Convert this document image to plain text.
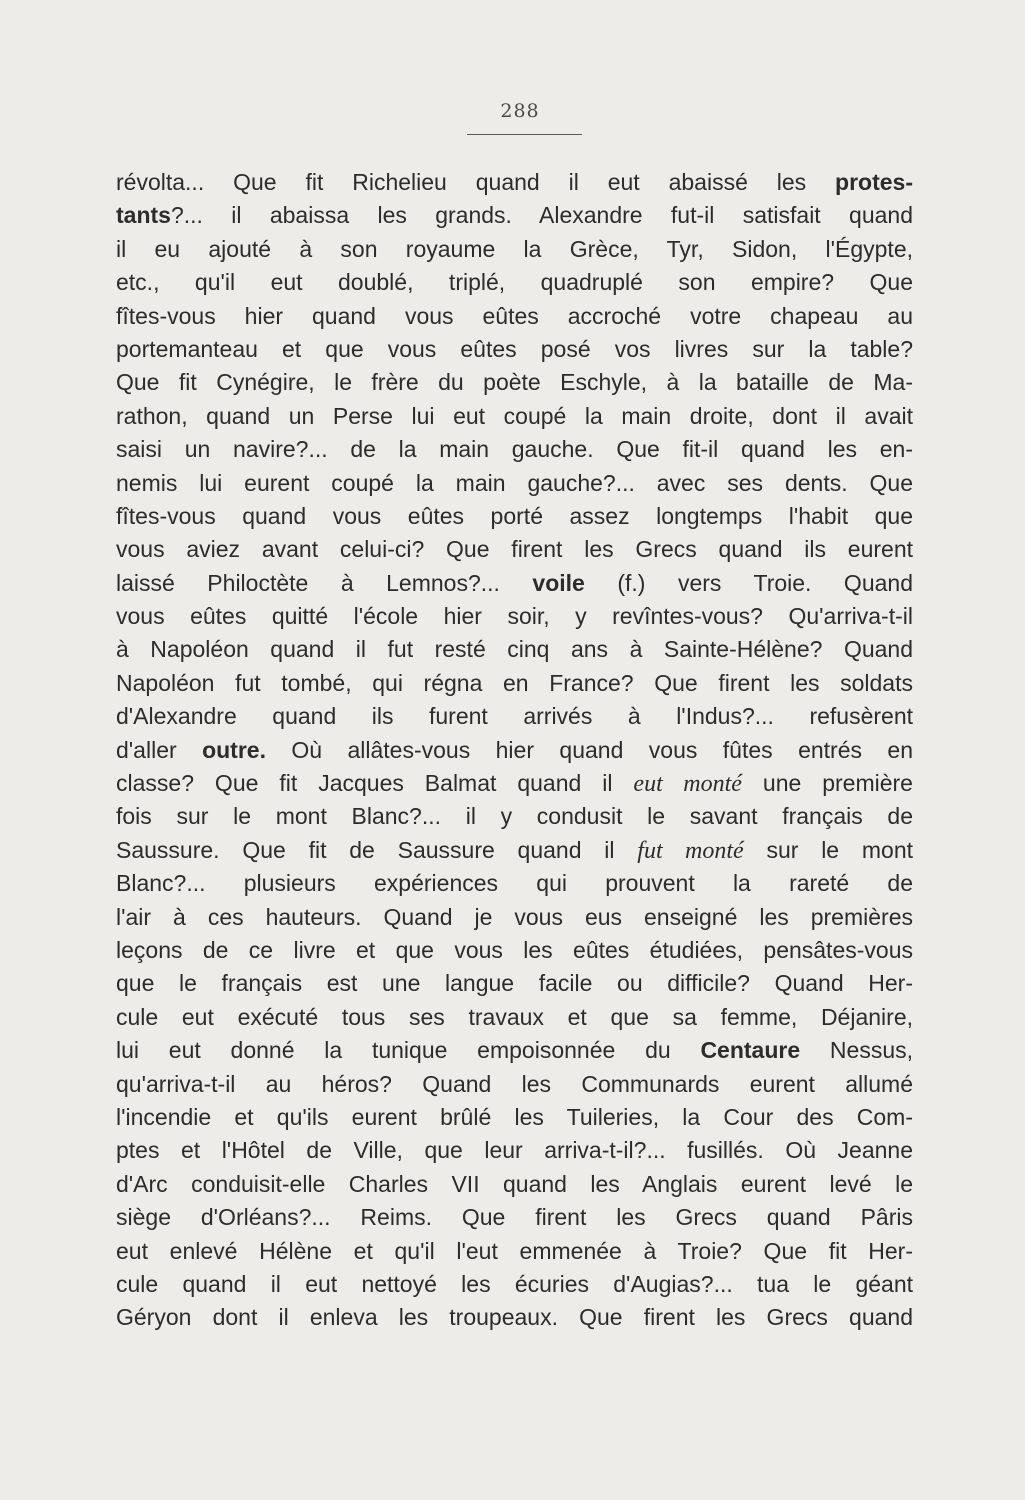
288
révolta... Que fit Richelieu quand il eut abaissé les protes-
tants?... il abaissa les grands. Alexandre fut-il satisfait quand
il eu ajouté à son royaume la Grèce, Tyr, Sidon, l'Égypte,
etc., qu'il eut doublé, triplé, quadruplé son empire? Que
fîtes-vous hier quand vous eûtes accroché votre chapeau au
portemanteau et que vous eûtes posé vos livres sur la table?
Que fit Cynégire, le frère du poète Eschyle, à la bataille de Ma-
rathon, quand un Perse lui eut coupé la main droite, dont il avait
saisi un navire?... de la main gauche. Que fit-il quand les en-
nemis lui eurent coupé la main gauche?... avec ses dents. Que
fîtes-vous quand vous eûtes porté assez longtemps l'habit que
vous aviez avant celui-ci? Que firent les Grecs quand ils eurent
laissé Philoctète à Lemnos?... voile (f.) vers Troie. Quand
vous eûtes quitté l'école hier soir, y revîntes-vous? Qu'arriva-t-il
à Napoléon quand il fut resté cinq ans à Sainte-Hélène? Quand
Napoléon fut tombé, qui régna en France? Que firent les soldats
d'Alexandre quand ils furent arrivés à l'Indus?... refusèrent
d'aller outre. Où allâtes-vous hier quand vous fûtes entrés en
classe? Que fit Jacques Balmat quand il eut monté une première
fois sur le mont Blanc?... il y condusit le savant français de
Saussure. Que fit de Saussure quand il fut monté sur le mont
Blanc?... plusieurs expériences qui prouvent la rareté de
l'air à ces hauteurs. Quand je vous eus enseigné les premières
leçons de ce livre et que vous les eûtes étudiées, pensâtes-vous
que le français est une langue facile ou difficile? Quand Her-
cule eut exécuté tous ses travaux et que sa femme, Déjanire,
lui eut donné la tunique empoisonnée du Centaure Nessus,
qu'arriva-t-il au héros? Quand les Communards eurent allumé
l'incendie et qu'ils eurent brûlé les Tuileries, la Cour des Com-
ptes et l'Hôtel de Ville, que leur arriva-t-il?... fusillés. Où Jeanne
d'Arc conduisit-elle Charles VII quand les Anglais eurent levé le
siège d'Orléans?... Reims. Que firent les Grecs quand Pâris
eut enlevé Hélène et qu'il l'eut emmenée à Troie? Que fit Her-
cule quand il eut nettoyé les écuries d'Augias?... tua le géant
Géryon dont il enleva les troupeaux. Que firent les Grecs quand
